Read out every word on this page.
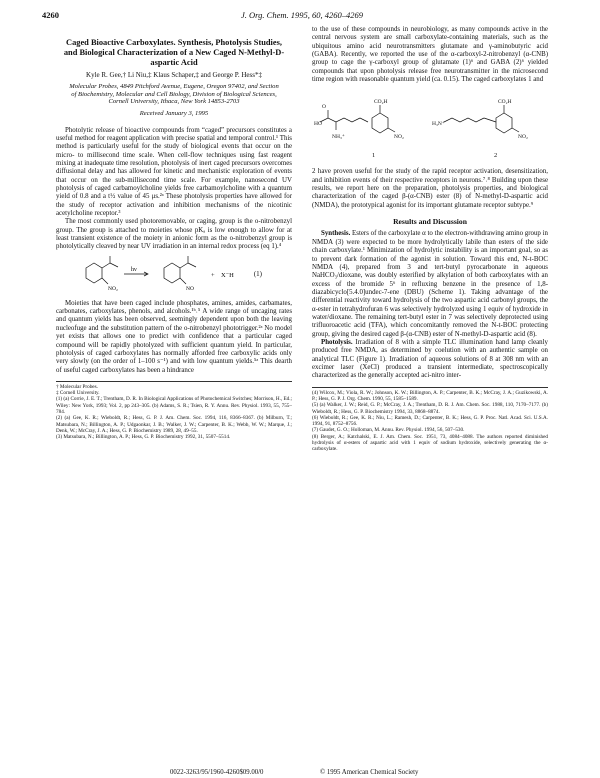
4260	J. Org. Chem. 1995, 60, 4260–4269
Caged Bioactive Carboxylates. Synthesis, Photolysis Studies, and Biological Characterization of a New Caged N-Methyl-D-aspartic Acid
Kyle R. Gee,† Li Niu,‡ Klaus Schaper,‡ and George P. Hess*‡
Molecular Probes, 4849 Pitchford Avenue, Eugene, Oregon 97402, and Section of Biochemistry, Molecular and Cell Biology, Division of Biological Sciences, Cornell University, Ithaca, New York 14853-2703
Received January 3, 1995

Photolytic release of bioactive compounds from “caged” precursors constitutes a useful method for reagent application with precise spatial and temporal control.¹ This method is particularly useful for the study of biological events that occur on the micro- to millisecond time scale. When cell-flow techniques using fast reagent mixing at inadequate time resolution, photolysis of inert caged precursors overcomes diffusional delay and has allowed for kinetic and mechanistic exploration of events that occur on the sub-millisecond time scale. For example, nanosecond UV photolysis of caged carbamoylcholine yields free carbamoylcholine with a quantum yield of 0.8 and a t½ value of 45 μs.²ᵃ These photolysis properties have allowed for the study of receptor activation and inhibition mechanisms of the nicotinic acetylcholine receptor.³

The most commonly used photoremovable, or caging, group is the o-nitrobenzyl group. The group is attached to moieties whose pKₐ is low enough to allow for at least transient existence of the moiety in anionic form as the o-nitrobenzyl group is photolytically cleaved by near UV irradiation in an internal redox process (eq 1).⁴

hν
NO₂	NO
+ X⁻H	(1)

Moieties that have been caged include phosphates, amines, amides, carbamates, carbonates, carboxylates, phenols, and alcohols.¹ᵇ˒⁵ A wide range of uncaging rates and quantum yields has been observed, seemingly dependent upon both the leaving nucleofuge and the substitution pattern of the o-nitrobenzyl phototrigger.²ᵃ No model yet exists that allows one to predict with confidence that a particular caged compound will be rapidly photolyzed with sufficient quantum yield. In particular, photolysis of caged carboxylates has normally afforded free carboxylic acids only very slowly (on the order of 1–100 s⁻¹) and with low quantum yields.⁵ᵃ This dearth of useful caged carboxylates has been a hindrance

† Molecular Probes.
‡ Cornell University.
(1) (a) Corrie, J. E. T.; Trentham, D. R. In Biological Applications of Photochemical Switches; Morrison, H., Ed.; Wiley: New York, 1993; Vol. 2, pp 243–305. (b) Adams, S. R.; Tsien, R. Y. Annu. Rev. Physiol. 1993, 55, 755–784.
(2) (a) Gee, K. R.; Wieboldt, R.; Hess, G. P. J. Am. Chem. Soc. 1994, 116, 8366–8367. (b) Milburn, T.; Matsubara, N.; Billington, A. P.; Udgaonkar, J. B.; Walker, J. W.; Carpenter, B. K.; Webb, W. W.; Marque, J.; Denk, W.; McCray, J. A.; Hess, G. P. Biochemistry 1989, 28, 49–55.
(3) Matsubara, N.; Billington, A. P.; Hess, G. P. Biochemistry 1992, 31, 5507–5514.

to the use of these compounds in neurobiology, as many compounds active in the central nervous system are small carboxylate-containing materials, such as the ubiquitous amino acid neurotransmitters glutamate and γ-aminobutyric acid (GABA). Recently, we reported the use of the α-carboxyl-2-nitrobenzyl (α-CNB) group to cage the γ-carboxyl group of glutamate (1)⁶ and GABA (2)⁶ yielded compounds that upon photolysis release free neurotransmitter in the microsecond time region with reasonable quantum yield (ca. 0.15). The caged carboxylates 1 and

HO
O
NH₃⁺
CO₂H
NO₂
H₃N⁺
CO₂H
NO₂
1	2

2 have proven useful for the study of the rapid receptor activation, desensitization, and inhibition events of their respective receptors in neurons.⁷˒⁸ Building upon these results, we report here on the preparation, photolysis properties, and biological characterization of the caged β-(α-CNB) ester (8) of N-methyl-D-aspartic acid (NMDA), the prototypical agonist for its important glutamate receptor subtype.⁹

Results and Discussion

Synthesis. Esters of the carboxylate α to the electron-withdrawing amino group in NMDA (3) were expected to be more hydrolytically labile than esters of the side chain carboxylate.¹ Minimization of hydrolytic instability is an important goal, so as to prevent dark formation of the agonist in solution. Toward this end, N-t-BOC NMDA (4), prepared from 3 and tert-butyl pyrocarbonate in aqueous NaHCO₃/dioxane, was doubly esterified by alkylation of both carboxylates with an excess of the bromide 5⁶ in refluxing benzene in the presence of 1,8-diazabicyclo[5.4.0]undec-7-ene (DBU) (Scheme 1). Taking advantage of the differential reactivity toward hydrolysis of the two aspartic acid carbonyl groups, the α-ester in tetrahydrofuran 6 was selectively hydrolyzed using 1 equiv of hydroxide in water/dioxane. The remaining tert-butyl ester in 7 was selectively deprotected using trifluoroacetic acid (TFA), which concomitantly removed the N-t-BOC protecting group, giving the desired caged β-(α-CNB) ester of N-methyl-D-aspartic acid (8).

Photolysis. Irradiation of 8 with a simple TLC illumination hand lamp cleanly produced free NMDA, as determined by coelution with an authentic sample on analytical TLC (Figure 1). Irradiation of aqueous solutions of 8 at 308 nm with an excimer laser (XeCl) produced a transient intermediate, spectroscopically characterized as the generally accepted aci-nitro inter-

(4) Wilcox, M.; Viola, R. W.; Johnson, K. W.; Billington, A. P.; Carpenter, B. K.; McCray, J. A.; Guzikowski, A. P.; Hess, G. P. J. Org. Chem. 1990, 55, 1585–1589.
(5) (a) Walker, J. W.; Reid, G. P.; McCray, J. A.; Trentham, D. R. J. Am. Chem. Soc. 1988, 110, 7170–7177. (b) Wieboldt, R.; Hess, G. P. Biochemistry 1994, 33, 8868–8874.
(6) Wieboldt, R.; Gee, K. R.; Niu, L.; Ramesh, D.; Carpenter, B. K.; Hess, G. P. Proc. Natl. Acad. Sci. U.S.A. 1994, 91, 8752–8756.
(7) Gaudet, G. O.; Holloman, M. Annu. Rev. Physiol. 1994, 56, 507–530.
(8) Berger, A.; Katchalski, E. J. Am. Chem. Soc. 1951, 73, 4084–4088. The authors reported diminished hydrolysis of α-esters of aspartic acid with 1 equiv of sodium hydroxide, selectively generating the α-carboxylate.
0022-3263/95/1960-4260$09.00/0	© 1995 American Chemical Society
